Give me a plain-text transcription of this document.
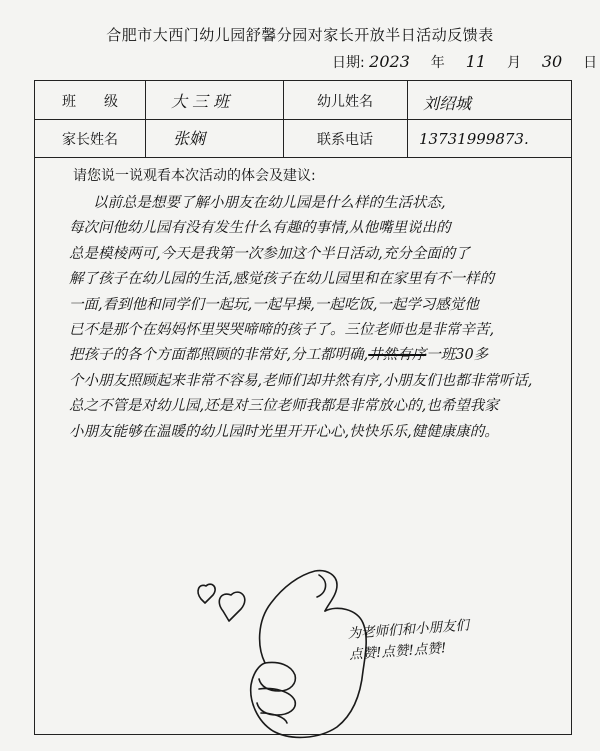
合肥市大西门幼儿园舒馨分园对家长开放半日活动反馈表
日期: 2023 年 11 月 30 日
班　　级	大 三 班	幼儿姓名	刘绍城
家长姓名	张娴	联系电话	13731999873.
请您说一说观看本次活动的体会及建议:
以前总是想要了解小朋友在幼儿园是什么样的生活状态,
每次问他幼儿园有没有发生什么有趣的事情,从他嘴里说出的
总是模棱两可,今天是我第一次参加这个半日活动,充分全面的了
解了孩子在幼儿园的生活,感觉孩子在幼儿园里和在家里有不一样的
一面,看到他和同学们一起玩,一起早操,一起吃饭,一起学习感觉他
已不是那个在妈妈怀里哭哭啼啼的孩子了。三位老师也是非常辛苦,
把孩子的各个方面都照顾的非常好,分工都明确,井然有序一班30多
个小朋友照顾起来非常不容易,老师们却井然有序,小朋友们也都非常听话,
总之不管是对幼儿园,还是对三位老师我都是非常放心的,也希望我家
小朋友能够在温暖的幼儿园时光里开开心心,快快乐乐,健健康康的。
为老师们和小朋友们
点赞!点赞!点赞!
